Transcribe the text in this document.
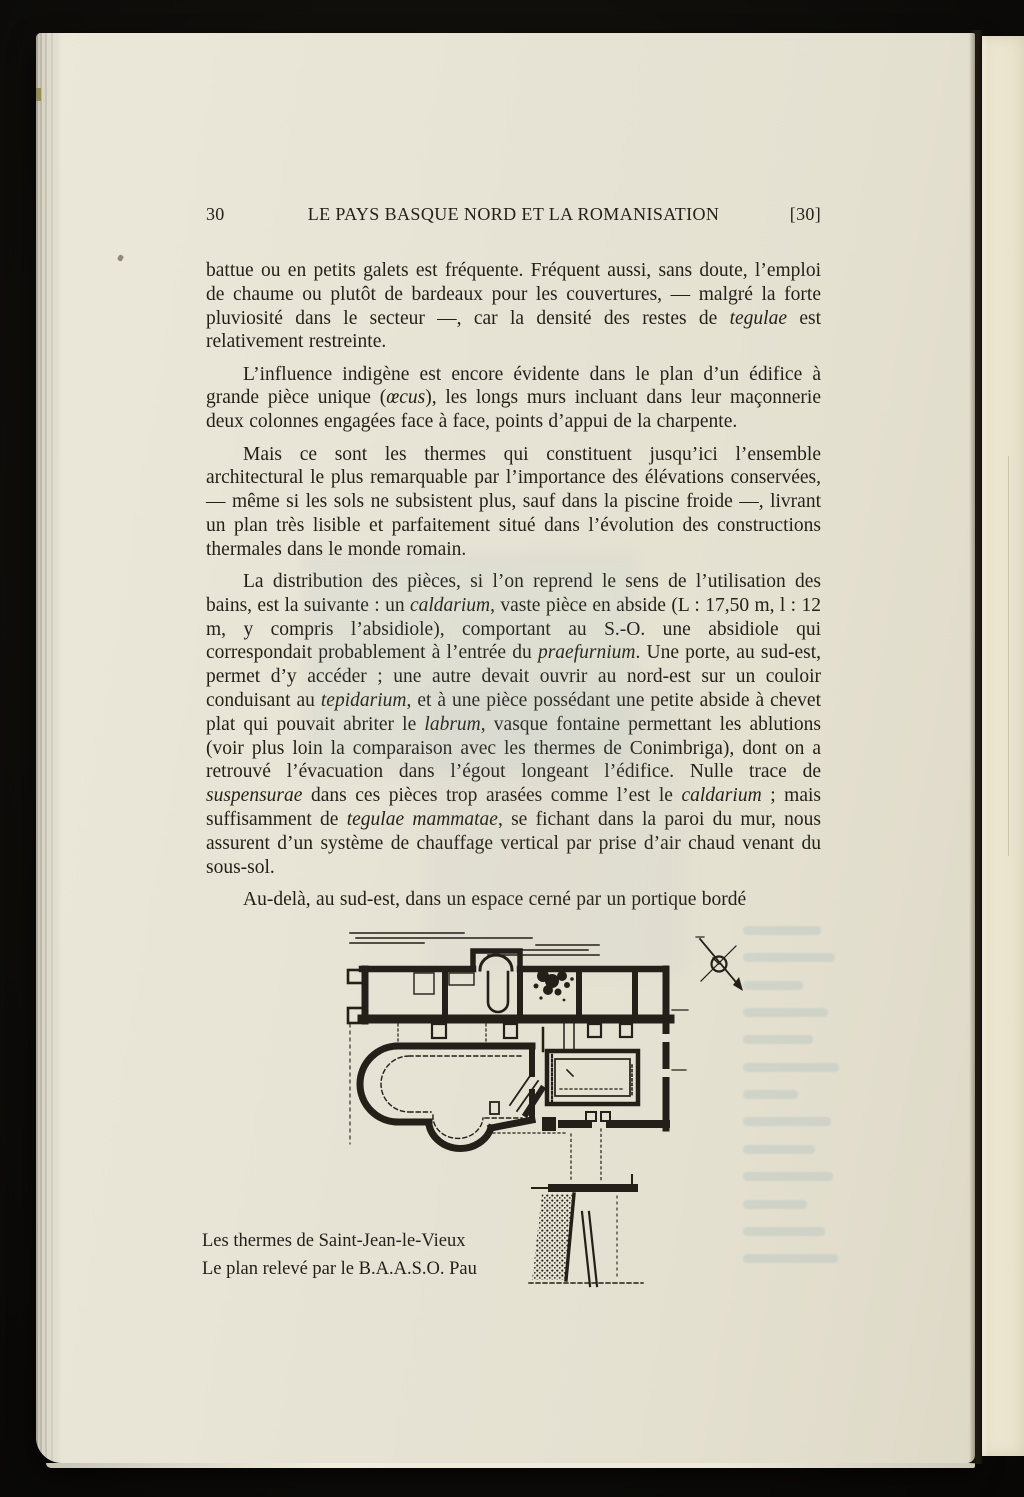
30	LE PAYS BASQUE NORD ET LA ROMANISATION	[30]

battue ou en petits galets est fréquente. Fréquent aussi, sans doute, l’emploi de chaume ou plutôt de bardeaux pour les couvertures, — malgré la forte pluviosité dans le secteur —, car la densité des restes de tegulae est relativement restreinte.

L’influence indigène est encore évidente dans le plan d’un édifice à grande pièce unique (œcus), les longs murs incluant dans leur maçonnerie deux colonnes engagées face à face, points d’appui de la charpente.

Mais ce sont les thermes qui constituent jusqu’ici l’ensemble architectural le plus remarquable par l’importance des élévations conservées, — même si les sols ne subsistent plus, sauf dans la piscine froide —, livrant un plan très lisible et parfaitement situé dans l’évolution des constructions thermales dans le monde romain.

La distribution des pièces, si l’on reprend le sens de l’utilisation des bains, est la suivante : un caldarium, vaste pièce en abside (L : 17,50 m, l : 12 m, y compris l’absidiole), comportant au S.-O. une absidiole qui correspondait probablement à l’entrée du praefurnium. Une porte, au sud-est, permet d’y accéder ; une autre devait ouvrir au nord-est sur un couloir conduisant au tepidarium, et à une pièce possédant une petite abside à chevet plat qui pouvait abriter le labrum, vasque fontaine permettant les ablutions (voir plus loin la comparaison avec les thermes de Conimbriga), dont on a retrouvé l’évacuation dans l’égout longeant l’édifice. Nulle trace de suspensurae dans ces pièces trop arasées comme l’est le caldarium ; mais suffisamment de tegulae mammatae, se fichant dans la paroi du mur, nous assurent d’un système de chauffage vertical par prise d’air chaud venant du sous-sol.

Au-delà, au sud-est, dans un espace cerné par un portique bordé

Les thermes de Saint-Jean-le-Vieux
Le plan relevé par le B.A.A.S.O. Pau
